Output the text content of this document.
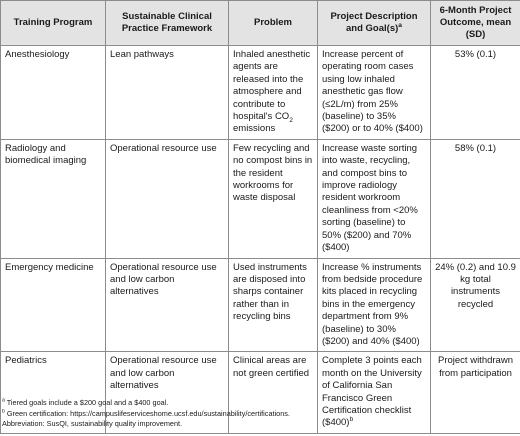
Training Program	Sustainable Clinical Practice Framework	Problem	Project Description and $Goal(s)^a$	6-Month Project Outcome, mean (SD)
Anesthesiology	Lean pathways	Inhaled anesthetic agents are released into the atmosphere and contribute to hospital's $CO_2$ emissions	Increase percent of operating room cases using low inhaled anesthetic gas flow (≤2L/m) from 25% (baseline) to 35% ($200) or to 40% ($400)	53% (0.1)
Radiology and biomedical imaging	Operational resource use	Few recycling and no compost bins in the resident workrooms for waste disposal	Increase waste sorting into waste, recycling, and compost bins to improve radiology resident workroom cleanliness from <20% sorting (baseline) to 50% ($200) and 70% ($400)	58% (0.1)
Emergency medicine	Operational resource use and low carbon alternatives	Used instruments are disposed into sharps container rather than in recycling bins	Increase % instruments from bedside procedure kits placed in recycling bins in the emergency department from 9% (baseline) to 30% ($200) and 40% ($400)	24% (0.2) and 10.9 kg total instruments recycled
Pediatrics	Operational resource use and low carbon alternatives	Clinical areas are not green certified	Complete 3 points each month on the University of California San Francisco Green Certification checklist ($400)$^b$	Project withdrawn from participation
$^a$ Tiered goals include a $200 goal and a $400 goal.
$^b$ Green certification: https://campuslifeserviceshome.ucsf.edu/sustainability/certifications.
Abbreviation: SusQI, sustainability quality improvement.
